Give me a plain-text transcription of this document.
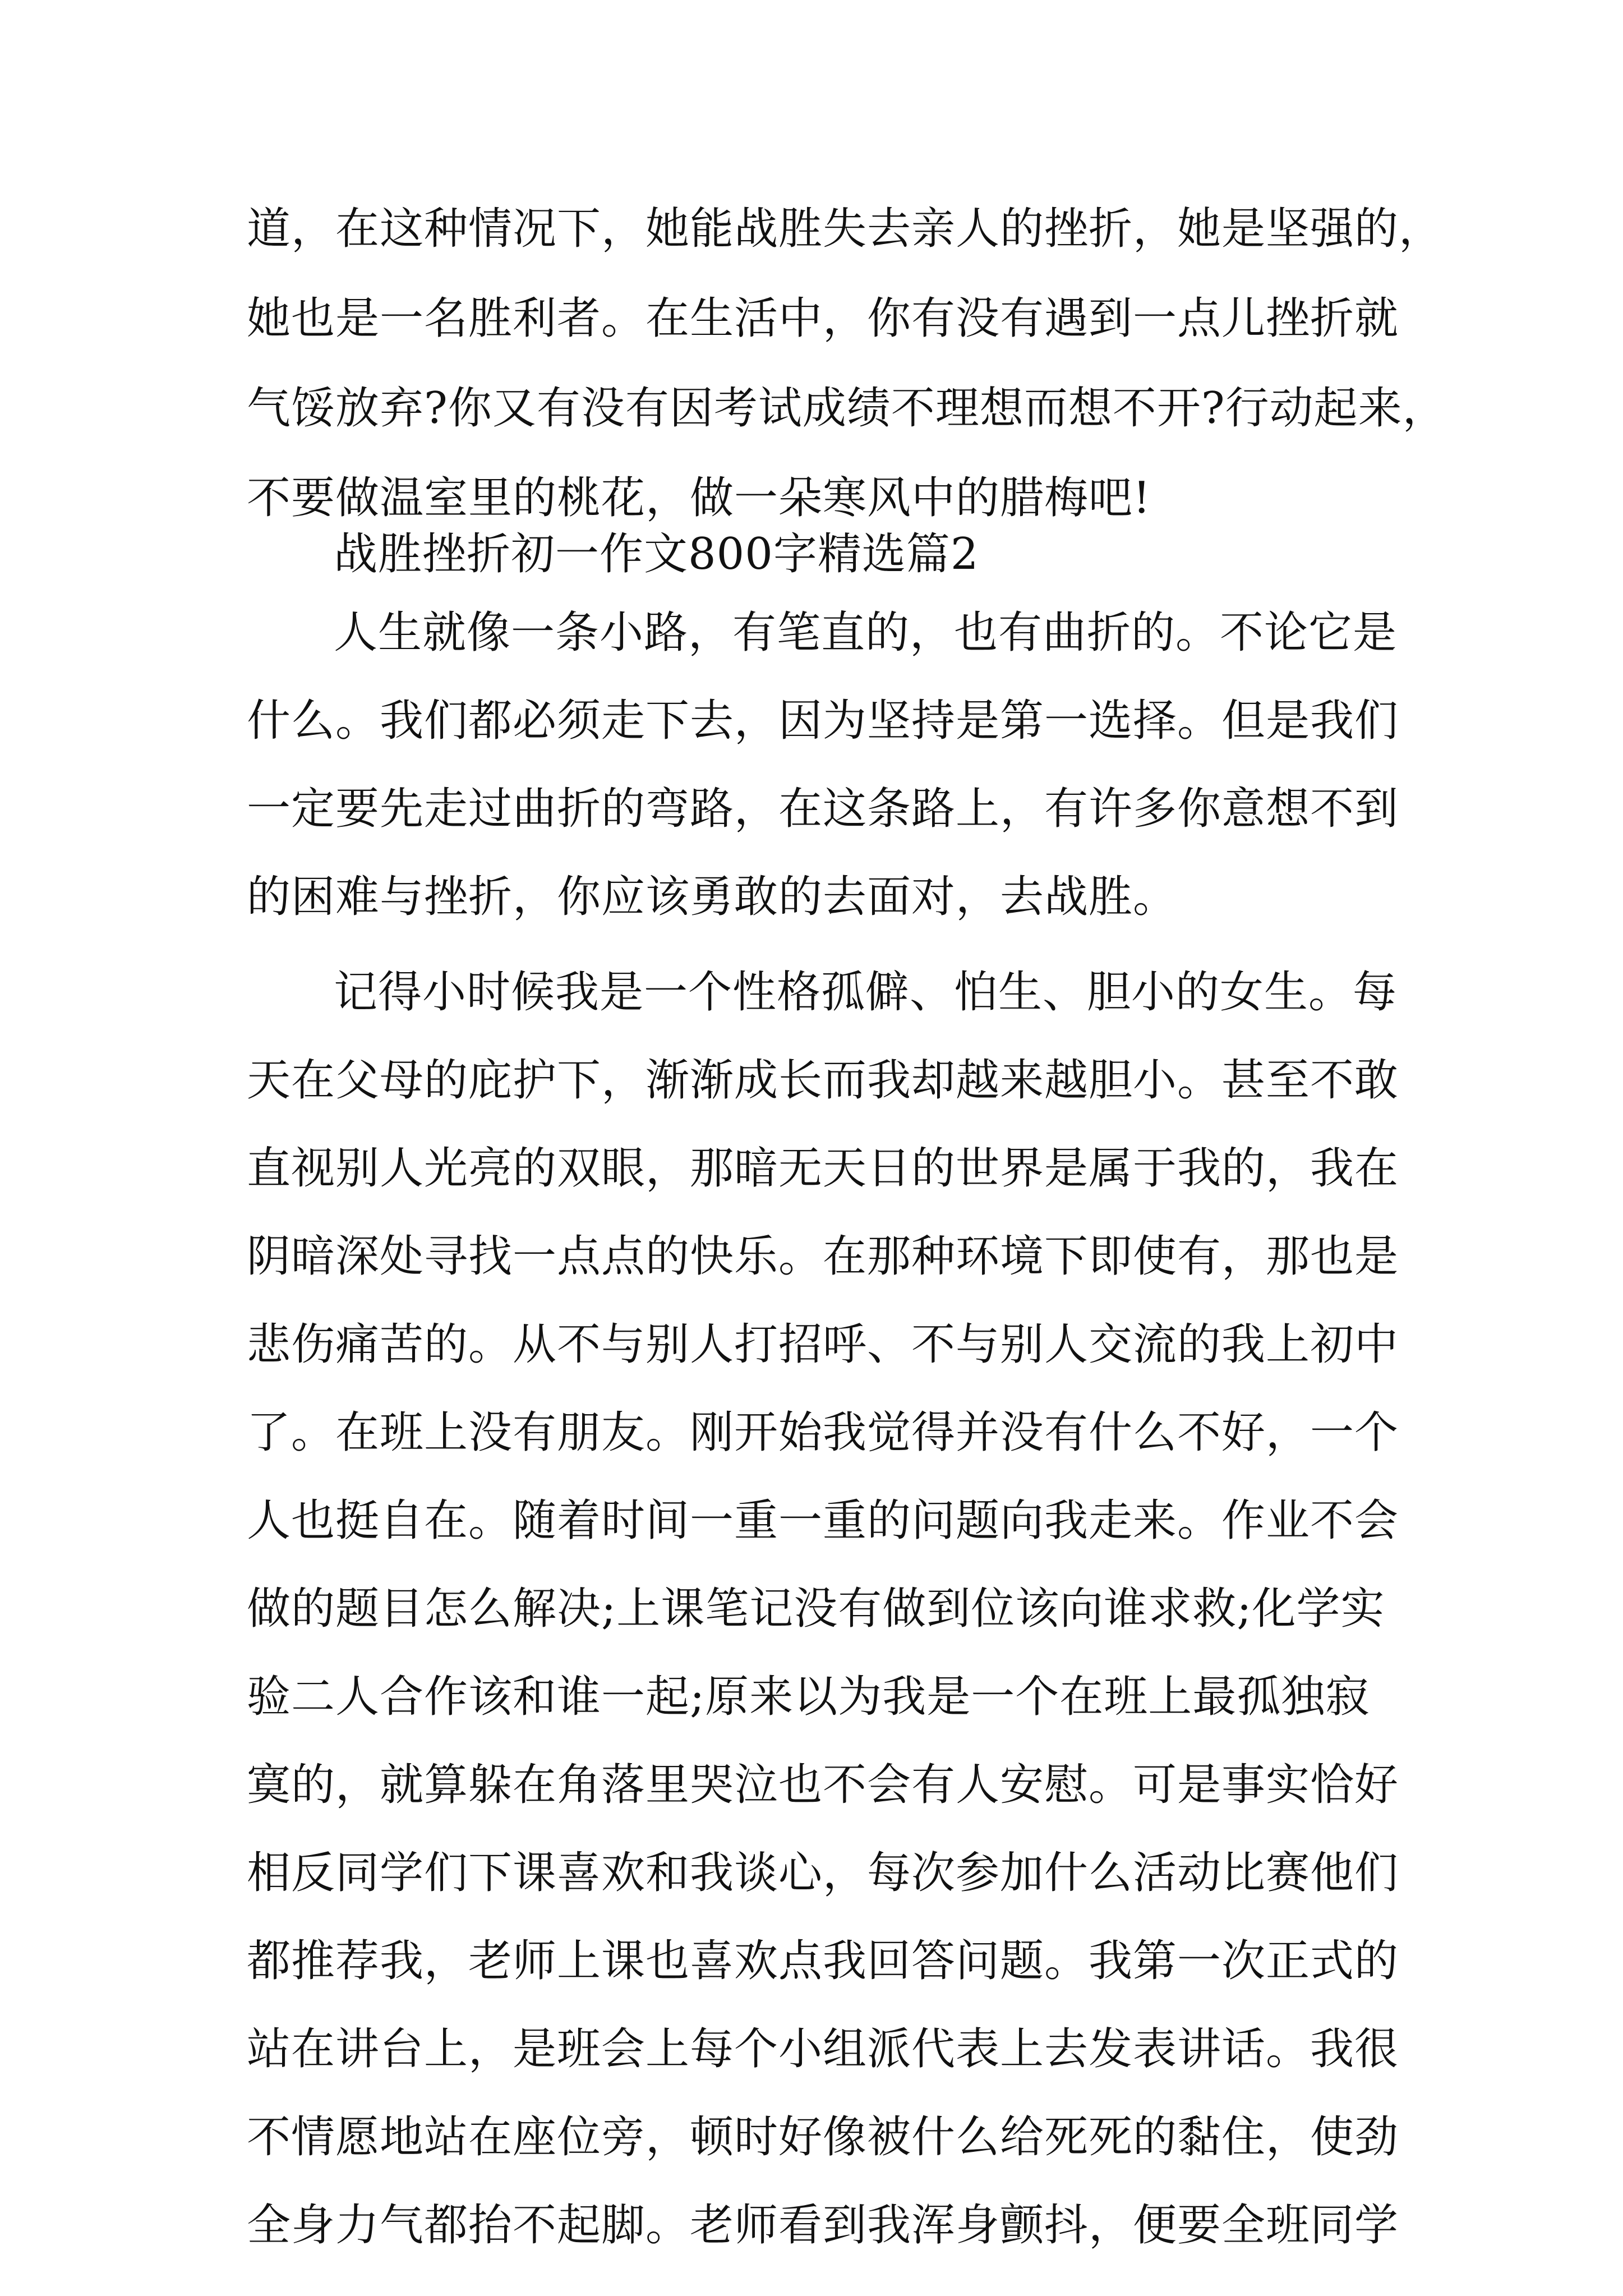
道，在这种情况下，她能战胜失去亲人的挫折，她是坚强的，
她也是一名胜利者。在生活中，你有没有遇到一点儿挫折就
气馁放弃?你又有没有因考试成绩不理想而想不开?行动起来，
不要做温室里的桃花，做一朵寒风中的腊梅吧!
战胜挫折初一作文800字精选篇2
人生就像一条小路，有笔直的，也有曲折的。不论它是
什么。我们都必须走下去，因为坚持是第一选择。但是我们
一定要先走过曲折的弯路，在这条路上，有许多你意想不到
的困难与挫折，你应该勇敢的去面对，去战胜。
记得小时候我是一个性格孤僻、怕生、胆小的女生。每
天在父母的庇护下，渐渐成长而我却越来越胆小。甚至不敢
直视别人光亮的双眼，那暗无天日的世界是属于我的，我在
阴暗深处寻找一点点的快乐。在那种环境下即使有，那也是
悲伤痛苦的。从不与别人打招呼、不与别人交流的我上初中
了。在班上没有朋友。刚开始我觉得并没有什么不好，一个
人也挺自在。随着时间一重一重的问题向我走来。作业不会
做的题目怎么解决;上课笔记没有做到位该向谁求救;化学实
验二人合作该和谁一起;原来以为我是一个在班上最孤独寂
寞的，就算躲在角落里哭泣也不会有人安慰。可是事实恰好
相反同学们下课喜欢和我谈心，每次参加什么活动比赛他们
都推荐我，老师上课也喜欢点我回答问题。我第一次正式的
站在讲台上，是班会上每个小组派代表上去发表讲话。我很
不情愿地站在座位旁，顿时好像被什么给死死的黏住，使劲
全身力气都抬不起脚。老师看到我浑身颤抖，便要全班同学
